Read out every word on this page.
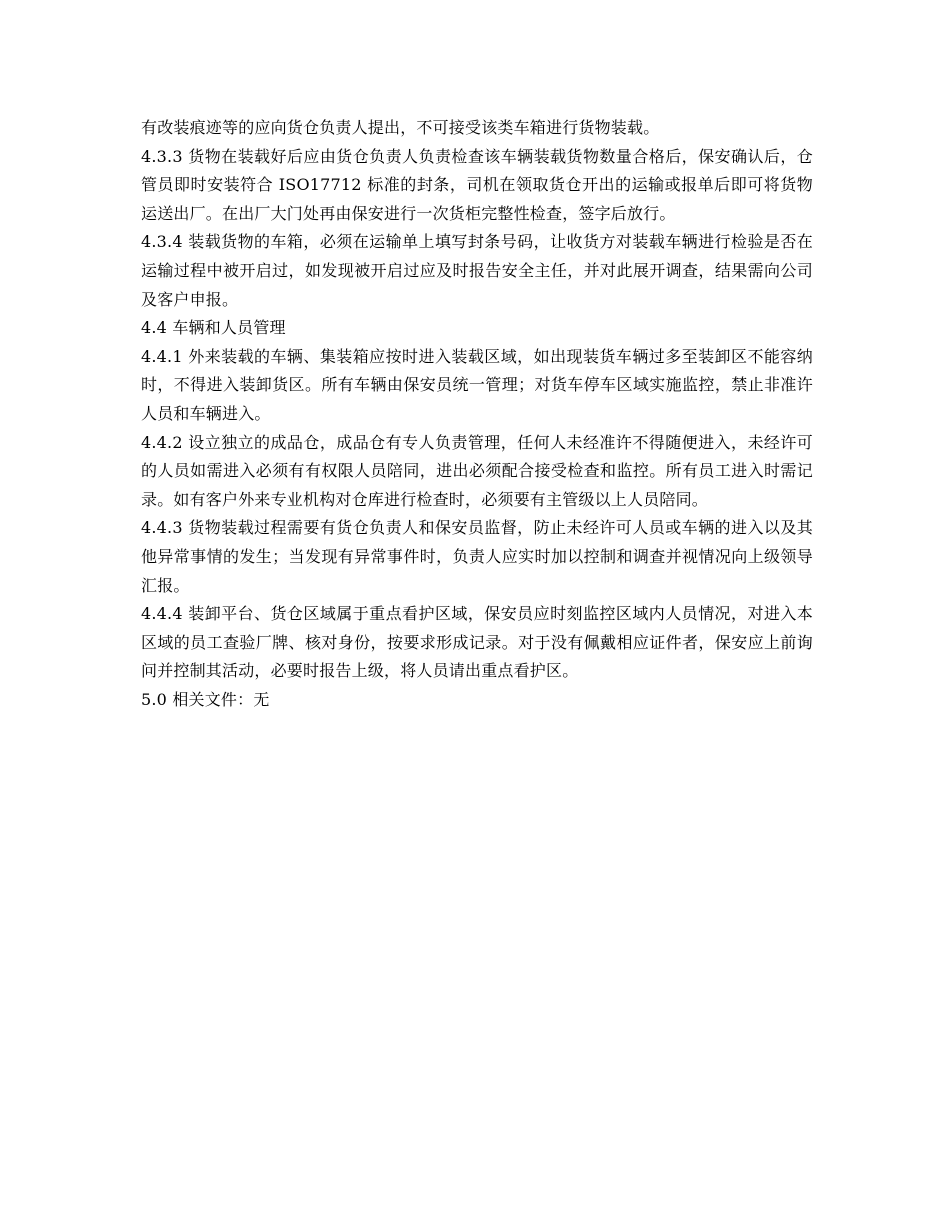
有改装痕迹等的应向货仓负责人提出，不可接受该类车箱进行货物装载。

4.3.3 货物在装载好后应由货仓负责人负责检查该车辆装载货物数量合格后，保安确认后，仓管员即时安装符合 ISO17712 标准的封条，司机在领取货仓开出的运输或报单后即可将货物运送出厂。在出厂大门处再由保安进行一次货柜完整性检查，签字后放行。

4.3.4 装载货物的车箱，必须在运输单上填写封条号码，让收货方对装载车辆进行检验是否在运输过程中被开启过，如发现被开启过应及时报告安全主任，并对此展开调查，结果需向公司及客户申报。

4.4 车辆和人员管理

4.4.1 外来装载的车辆、集装箱应按时进入装载区域，如出现装货车辆过多至装卸区不能容纳时，不得进入装卸货区。所有车辆由保安员统一管理；对货车停车区域实施监控，禁止非准许人员和车辆进入。

4.4.2 设立独立的成品仓，成品仓有专人负责管理，任何人未经准许不得随便进入，未经许可的人员如需进入必须有有权限人员陪同，进出必须配合接受检查和监控。所有员工进入时需记录。如有客户外来专业机构对仓库进行检查时，必须要有主管级以上人员陪同。

4.4.3 货物装载过程需要有货仓负责人和保安员监督，防止未经许可人员或车辆的进入以及其他异常事情的发生；当发现有异常事件时，负责人应实时加以控制和调查并视情况向上级领导汇报。

4.4.4 装卸平台、货仓区域属于重点看护区域，保安员应时刻监控区域内人员情况，对进入本区域的员工查验厂牌、核对身份，按要求形成记录。对于没有佩戴相应证件者，保安应上前询问并控制其活动，必要时报告上级，将人员请出重点看护区。

5.0 相关文件：无
